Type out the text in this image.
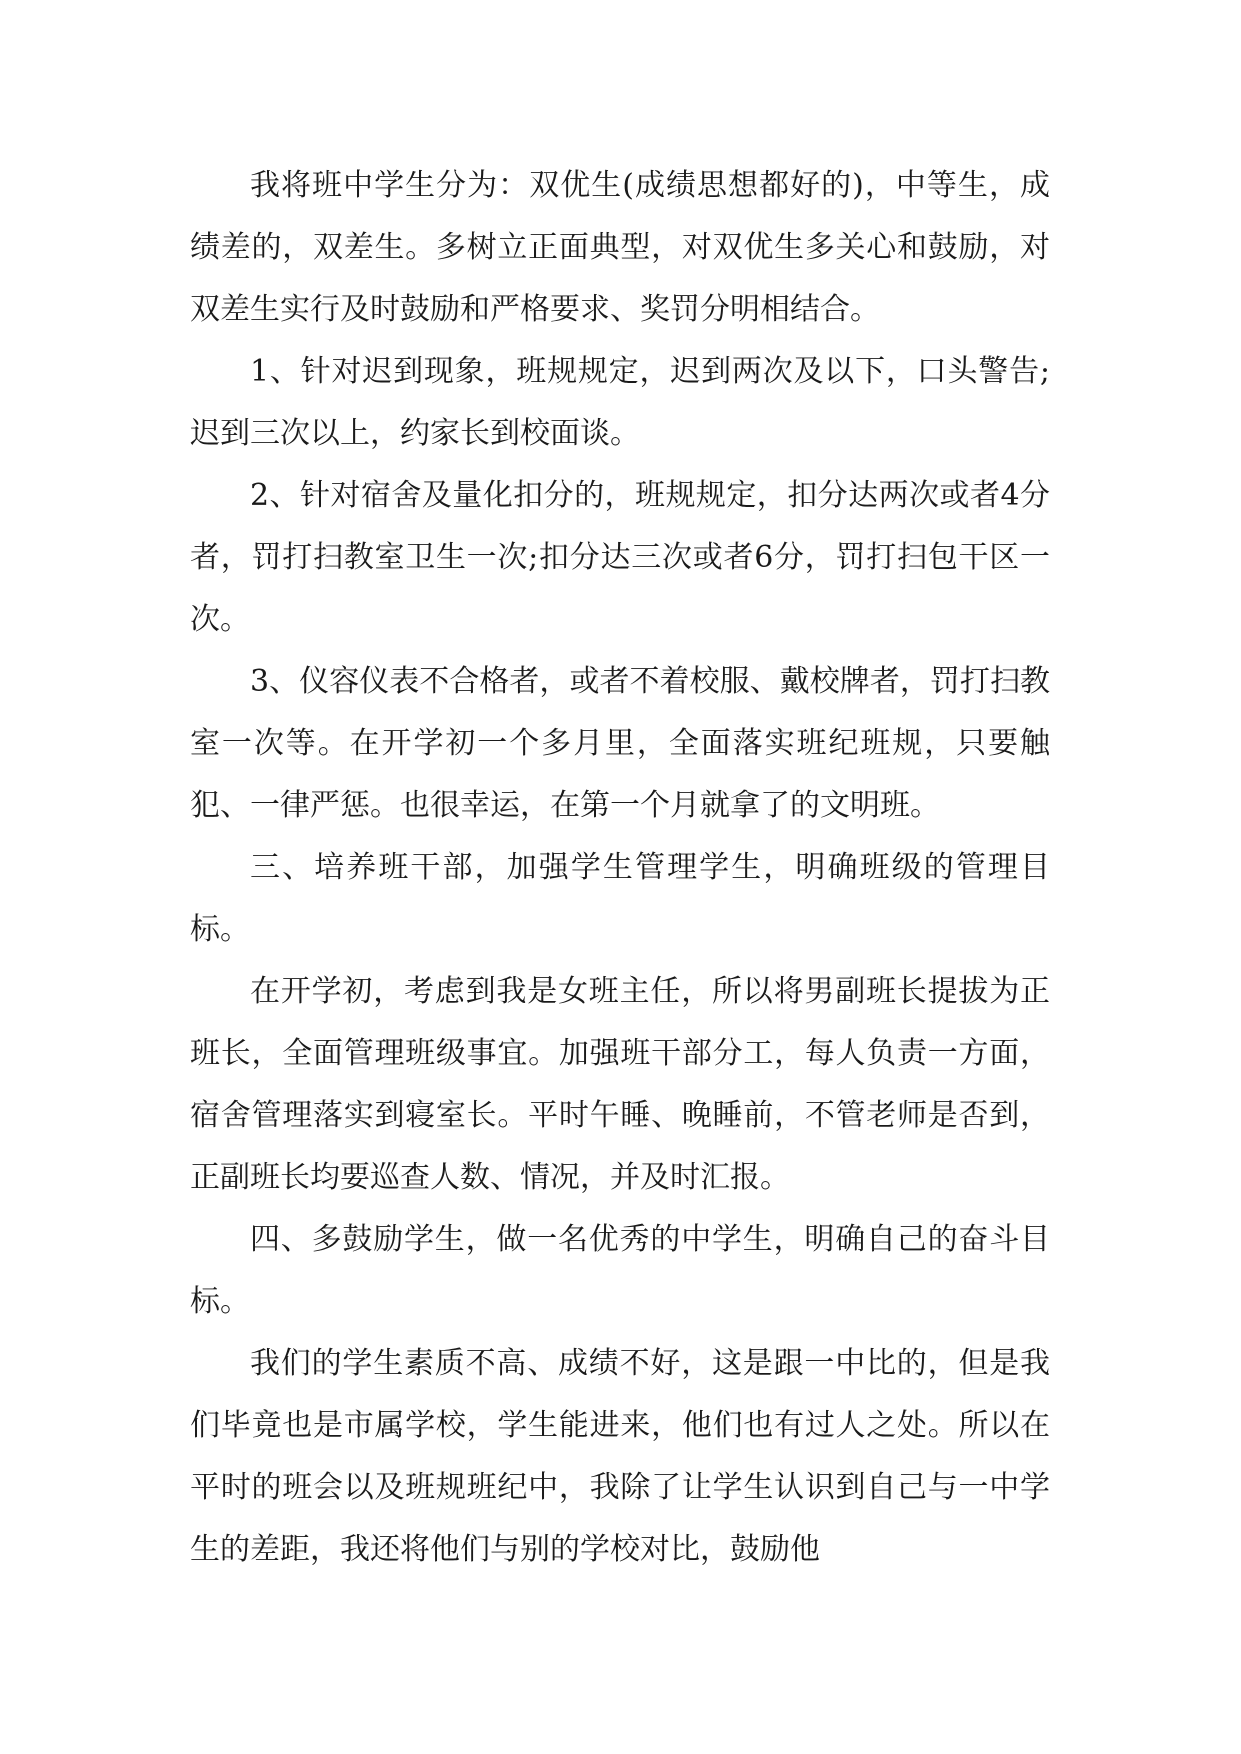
我将班中学生分为：双优生(成绩思想都好的)，中等生，成绩差的，双差生。多树立正面典型，对双优生多关心和鼓励，对双差生实行及时鼓励和严格要求、奖罚分明相结合。

1、针对迟到现象，班规规定，迟到两次及以下，口头警告;迟到三次以上，约家长到校面谈。

2、针对宿舍及量化扣分的，班规规定，扣分达两次或者4分者，罚打扫教室卫生一次;扣分达三次或者6分，罚打扫包干区一次。

3、仪容仪表不合格者，或者不着校服、戴校牌者，罚打扫教室一次等。在开学初一个多月里，全面落实班纪班规，只要触犯、一律严惩。也很幸运，在第一个月就拿了的文明班。

三、培养班干部，加强学生管理学生，明确班级的管理目标。

在开学初，考虑到我是女班主任，所以将男副班长提拔为正班长，全面管理班级事宜。加强班干部分工，每人负责一方面，宿舍管理落实到寝室长。平时午睡、晚睡前，不管老师是否到，正副班长均要巡查人数、情况，并及时汇报。

四、多鼓励学生，做一名优秀的中学生，明确自己的奋斗目标。

我们的学生素质不高、成绩不好，这是跟一中比的，但是我们毕竟也是市属学校，学生能进来，他们也有过人之处。所以在平时的班会以及班规班纪中，我除了让学生认识到自己与一中学生的差距，我还将他们与别的学校对比，鼓励他
